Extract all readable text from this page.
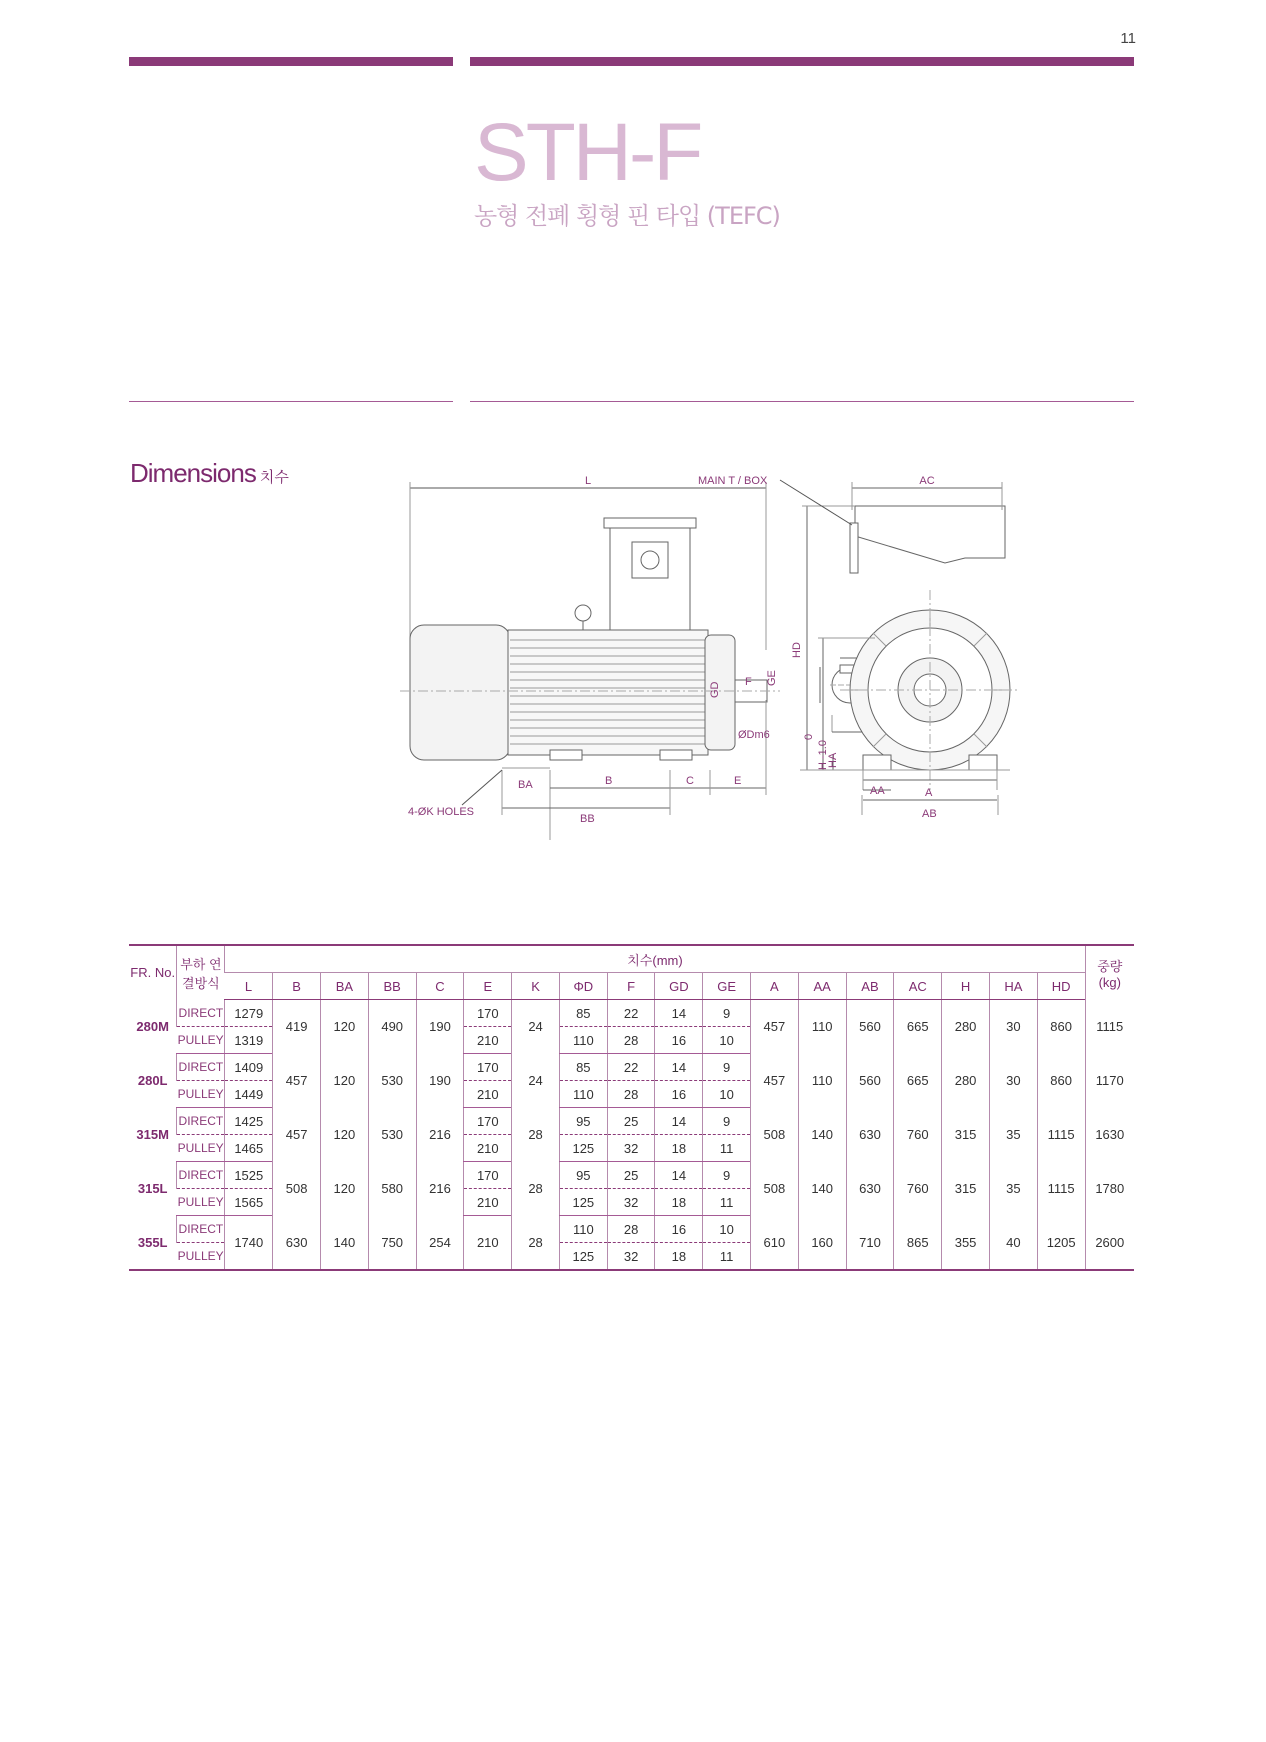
11
STH-F
농형 전폐 횡형 핀 타입 (TEFC)
Dimensions 치수	L	MAIN T / BOX	AC
F
ØDm6
BA	B	C	E
BB
4-ØK HOLES
A
AA
AB
HD
GD
GE
H -1.0
0
HA
FR. No.	부하 연결방식	치수(mm)																		중량 (kg)
		L	B	BA	BB	C	E	K	ΦD	F	GD	GE	A	AA	AB	AC	H	HA	HD	
280M	DIRECT	1279	419	120	490	190	170	24	85	22	14	9	457	110	560	665	280	30	860	1115
	PULLEY	1319					210		110	28	16	10								
280L	DIRECT	1409	457	120	530	190	170	24	85	22	14	9	457	110	560	665	280	30	860	1170
	PULLEY	1449					210		110	28	16	10								
315M	DIRECT	1425	457	120	530	216	170	28	95	25	14	9	508	140	630	760	315	35	1115	1630
	PULLEY	1465					210		125	32	18	11								
315L	DIRECT	1525	508	120	580	216	170	28	95	25	14	9	508	140	630	760	315	35	1115	1780
	PULLEY	1565					210		125	32	18	11								
355L	DIRECT	1740	630	140	750	254	210	28	110	28	16	10	610	160	710	865	355	40	1205	2600
	PULLEY								125	32	18	11								
